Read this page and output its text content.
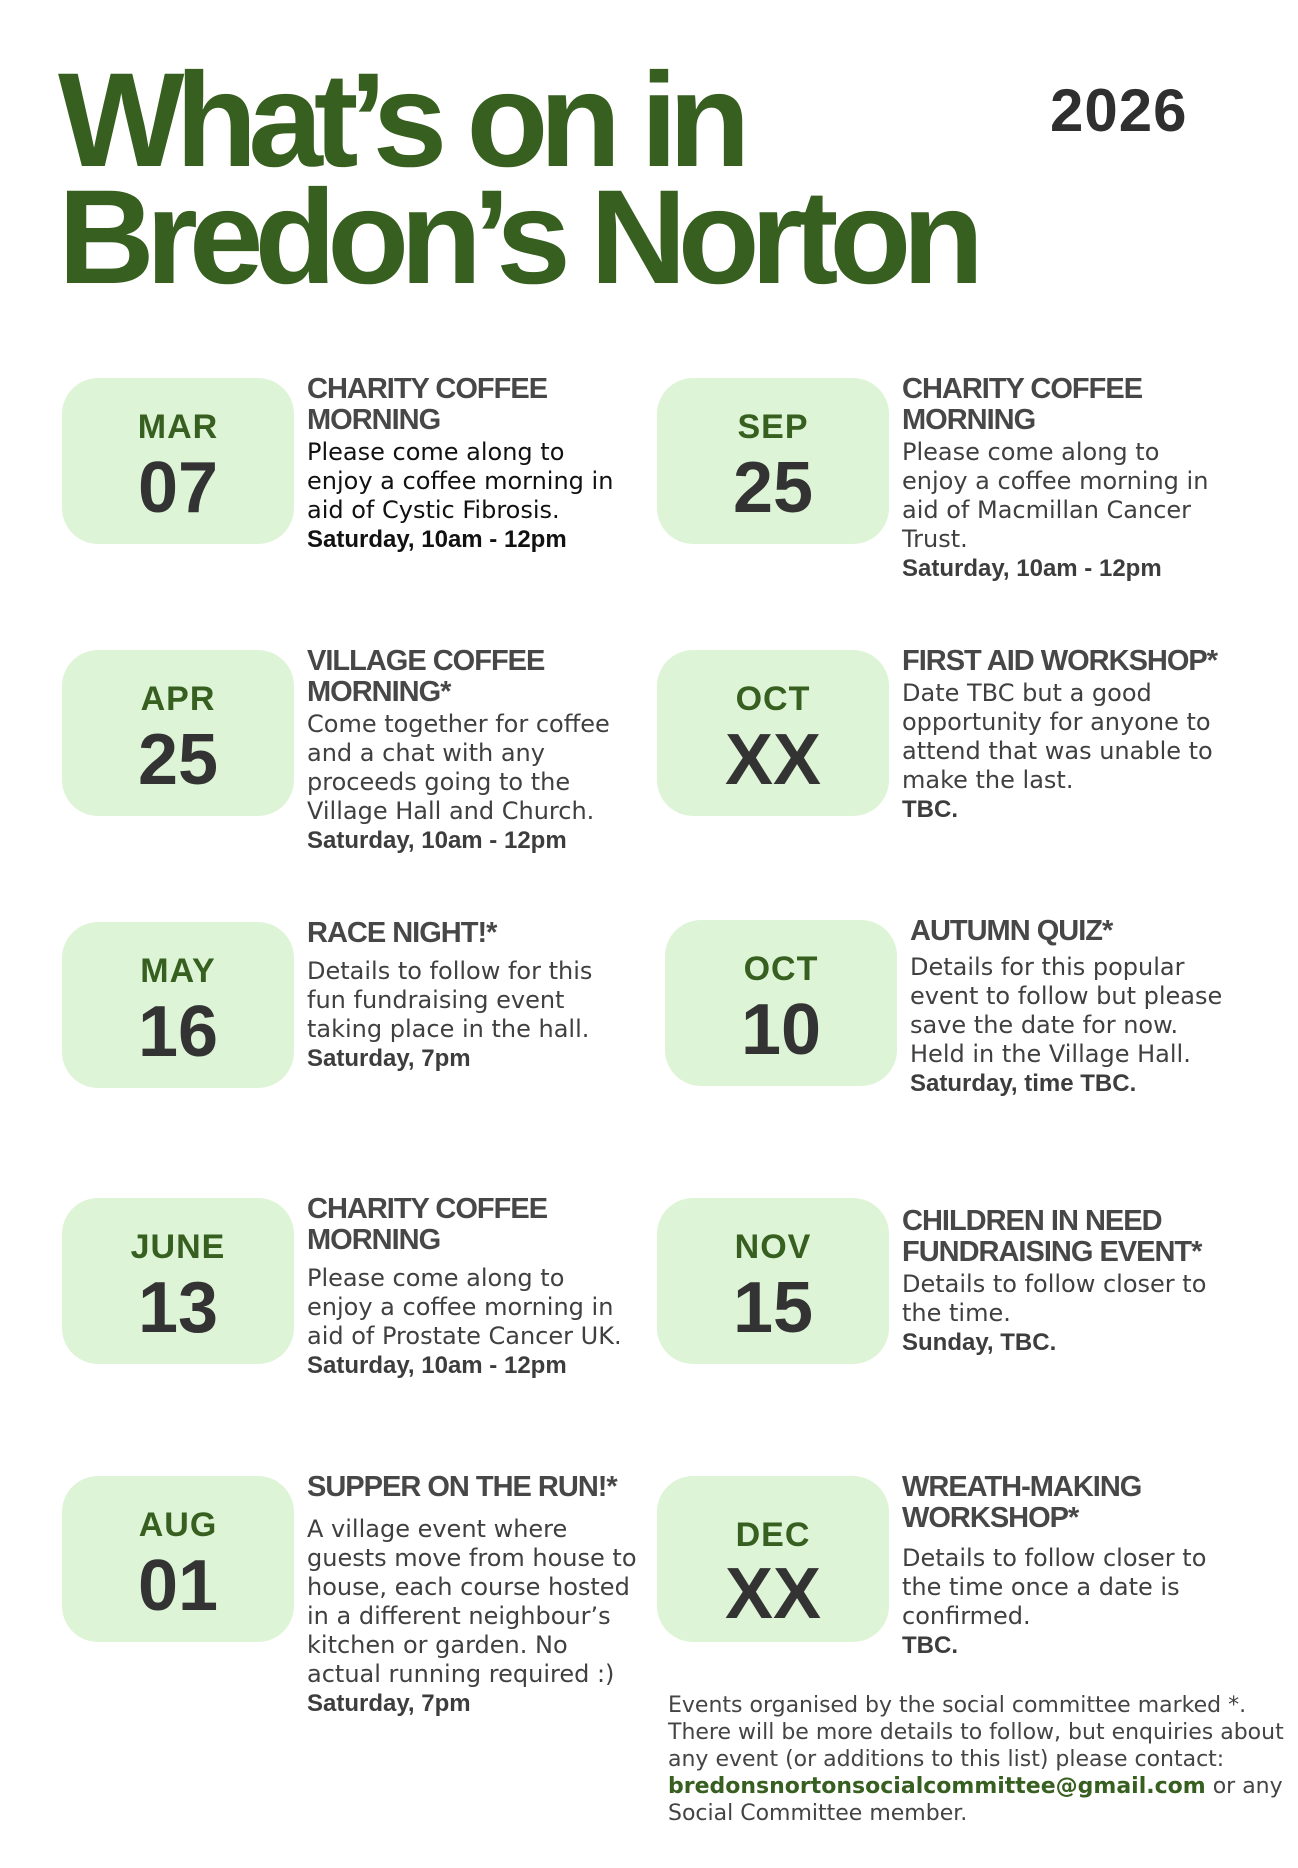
What’s on in
Bredon’s Norton
2026
MAR
07
CHARITY COFFEE MORNING
Please come along to enjoy a coffee morning in aid of Cystic Fibrosis.
Saturday, 10am - 12pm
APR
25
VILLAGE COFFEE MORNING*
Come together for coffee and a chat with any proceeds going to the Village Hall and Church.
Saturday, 10am - 12pm
MAY
16
RACE NIGHT!*
Details to follow for this fun fundraising event taking place in the hall.
Saturday, 7pm
JUNE
13
CHARITY COFFEE MORNING
Please come along to enjoy a coffee morning in aid of Prostate Cancer UK.
Saturday, 10am - 12pm
AUG
01
SUPPER ON THE RUN!*
A village event where guests move from house to house, each course hosted in a different neighbour’s kitchen or garden. No actual running required :)
Saturday, 7pm
SEP
25
CHARITY COFFEE MORNING
Please come along to enjoy a coffee morning in aid of Macmillan Cancer Trust.
Saturday, 10am - 12pm
OCT
XX
FIRST AID WORKSHOP*
Date TBC but a good opportunity for anyone to attend that was unable to make the last.
TBC.
OCT
10
AUTUMN QUIZ*
Details for this popular event to follow but please save the date for now. Held in the Village Hall.
Saturday, time TBC.
NOV
15
CHILDREN IN NEED FUNDRAISING EVENT*
Details to follow closer to the time.
Sunday, TBC.
DEC
XX
WREATH-MAKING WORKSHOP*
Details to follow closer to the time once a date is confirmed.
TBC.
Events organised by the social committee marked *. There will be more details to follow, but enquiries about any event (or additions to this list) please contact: bredonsnortonsocialcommittee@gmail.com or any Social Committee member.
